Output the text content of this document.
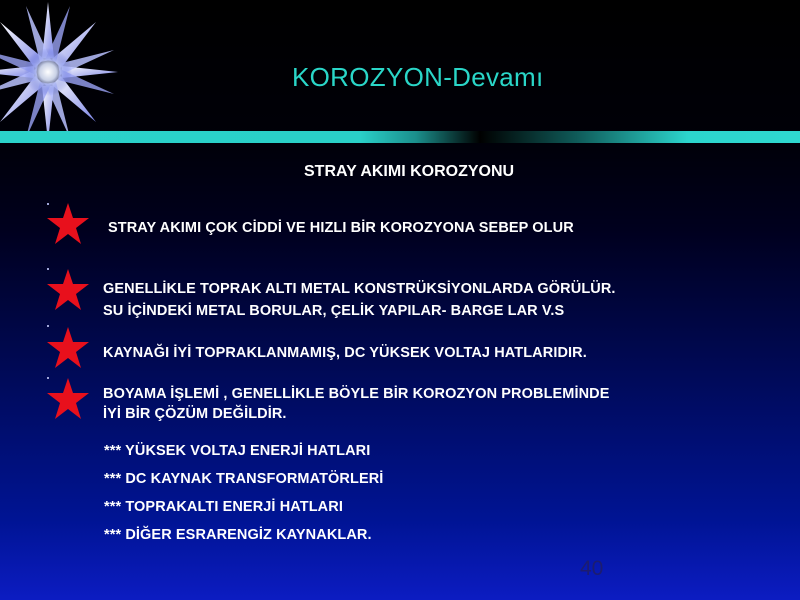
KOROZYON-Devamı
STRAY AKIMI KOROZYONU
STRAY AKIMI ÇOK CİDDİ VE HIZLI BİR KOROZYONA SEBEP OLUR
GENELLİKLE TOPRAK ALTI METAL KONSTRÜKSİYONLARDA GÖRÜLÜR.
SU İÇİNDEKİ METAL BORULAR, ÇELİK YAPILAR- BARGE LAR V.S
KAYNAĞI İYİ TOPRAKLANMAMIŞ, DC YÜKSEK VOLTAJ HATLARIDIR.
BOYAMA İŞLEMİ , GENELLİKLE BÖYLE BİR KOROZYON PROBLEMİNDE
İYİ BİR ÇÖZÜM DEĞİLDİR.
*** YÜKSEK VOLTAJ ENERJİ HATLARI
*** DC KAYNAK TRANSFORMATÖRLERİ
*** TOPRAKALTI ENERJİ HATLARI
*** DİĞER ESRARENGİZ KAYNAKLAR.
40
